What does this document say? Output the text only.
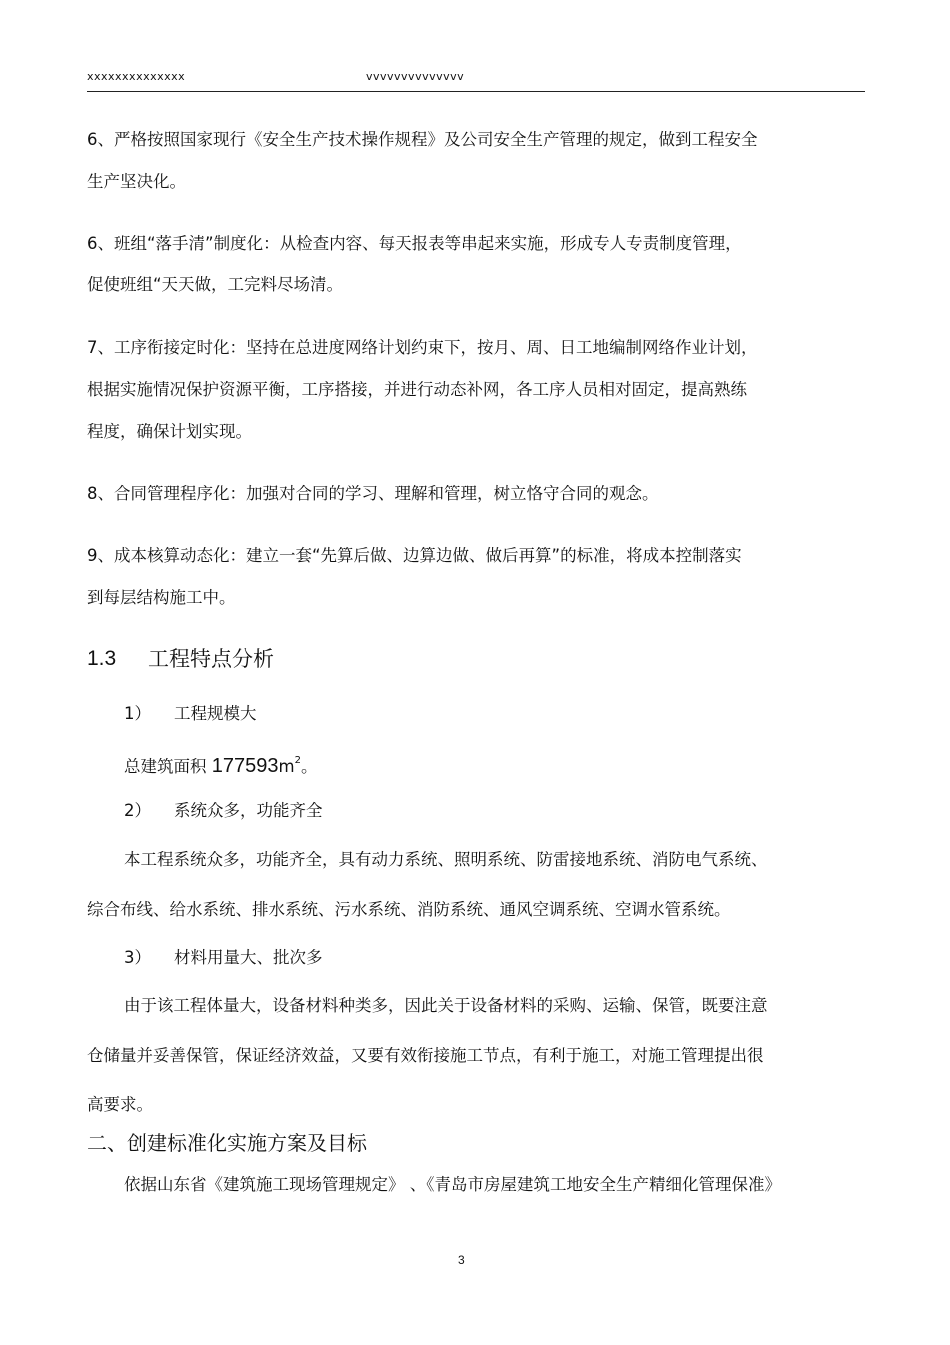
xxxxxxxxxxxxxx	vvvvvvvvvvvvvv
6、严格按照国家现行《安全生产技术操作规程》及公司安全生产管理的规定，做到工程安全
生产坚决化。
6、班组“落手清”制度化：从检查内容、每天报表等串起来实施，形成专人专责制度管理，
促使班组“天天做，工完料尽场清。
7、工序衔接定时化：坚持在总进度网络计划约束下，按月、周、日工地编制网络作业计划，
根据实施情况保护资源平衡，工序搭接，并进行动态补网，各工序人员相对固定，提高熟练
程度，确保计划实现。
8、合同管理程序化：加强对合同的学习、理解和管理，树立恪守合同的观念。
9、成本核算动态化：建立一套“先算后做、边算边做、做后再算”的标准，将成本控制落实
到每层结构施工中。
1.3 工程特点分析
1） 工程规模大
总建筑面积 $177593m^2$。
2） 系统众多，功能齐全
本工程系统众多，功能齐全，具有动力系统、照明系统、防雷接地系统、消防电气系统、
综合布线、给水系统、排水系统、污水系统、消防系统、通风空调系统、空调水管系统。
3） 材料用量大、批次多
由于该工程体量大，设备材料种类多，因此关于设备材料的采购、运输、保管，既要注意
仓储量并妥善保管，保证经济效益，又要有效衔接施工节点，有利于施工，对施工管理提出很
高要求。
二、创建标准化实施方案及目标
依据山东省《建筑施工现场管理规定》 、《青岛市房屋建筑工地安全生产精细化管理保准》
3
